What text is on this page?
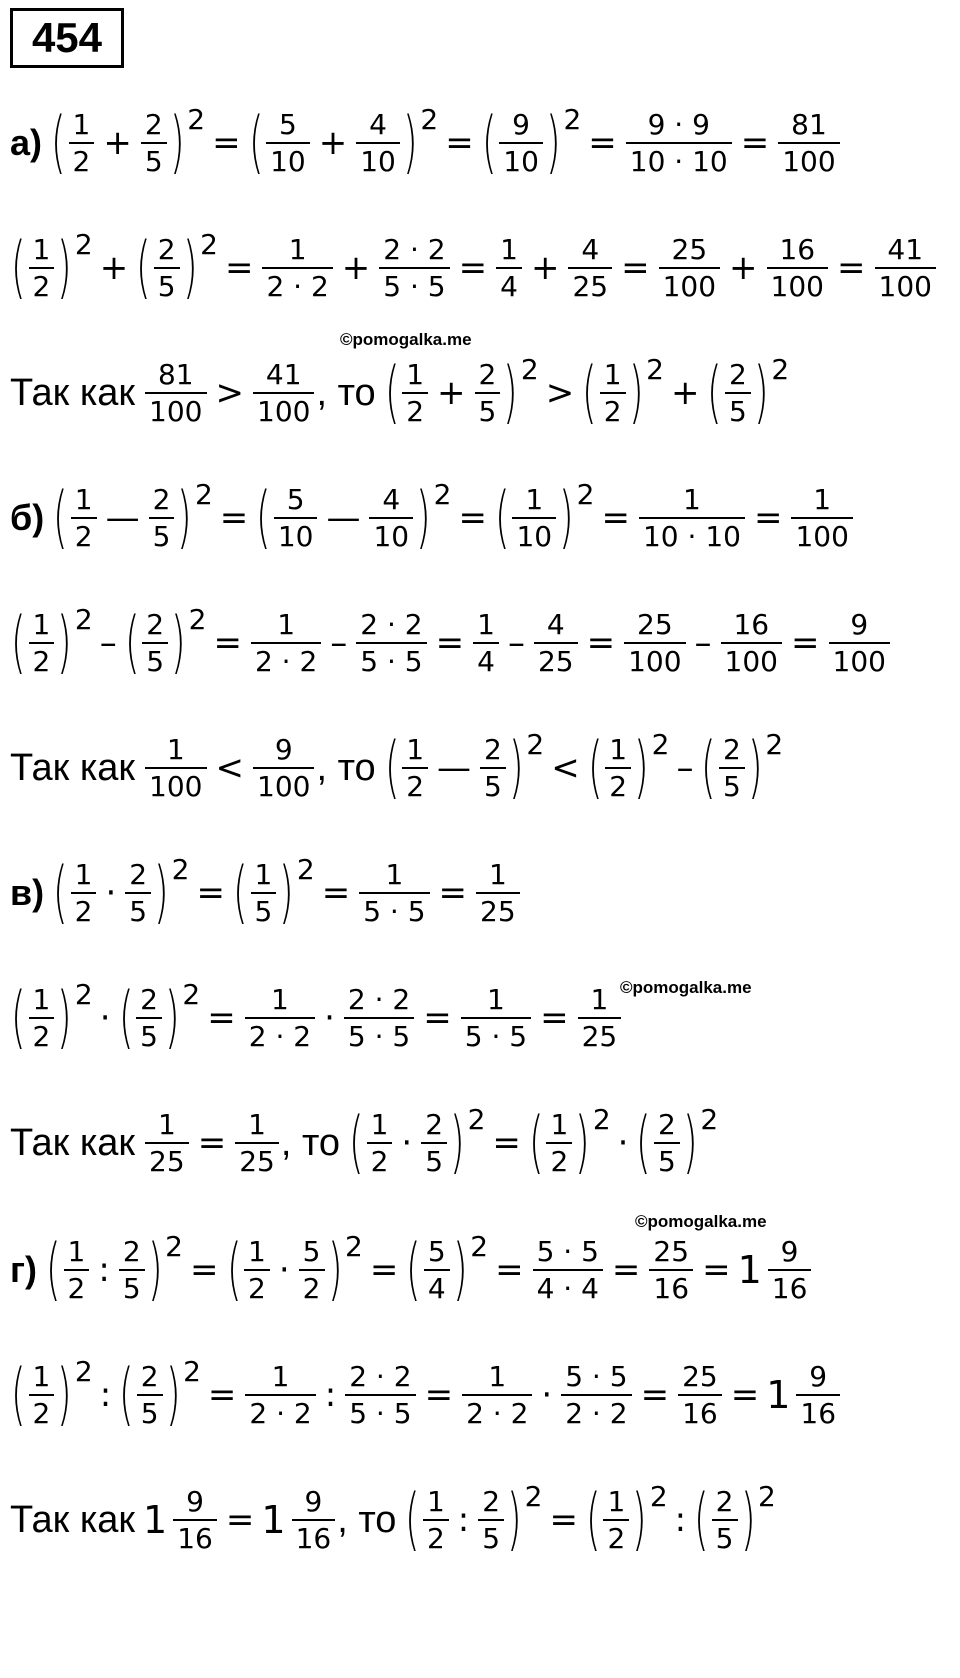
454
а) ( $\frac{1}{2} + \frac{2}{5}$ ) 2
= ( $\frac{5}{10} + \frac{4}{10}$ ) 2
= ( $\frac{9}{10}$ ) 2
= $\frac{9 \cdot 9}{10 \cdot 10} = \frac{81}{100}$
( $\frac{1}{2}$ ) 2
+ ( $\frac{2}{5}$ ) 2
= $\frac{1}{2 \cdot 2} + \frac{2 \cdot 2}{5 \cdot 5} = \frac{1}{4} + \frac{4}{25} = \frac{25}{100} + \frac{16}{100} = \frac{41}{100}$
Так как $\frac{81}{100} > \frac{41}{100}$ , то ( $\frac{1}{2} + \frac{2}{5}$ ) 2
> ( $\frac{1}{2}$ ) 2
+ ( $\frac{2}{5}$ ) 2
б) ( $\frac{1}{2}$ — $\frac{2}{5}$ ) 2
= ( $\frac{5}{10}$ — $\frac{4}{10}$ ) 2
= ( $\frac{1}{10}$ ) 2
= $\frac{1}{10 \cdot 10} = \frac{1}{100}$
( $\frac{1}{2}$ ) 2
– ( $\frac{2}{5}$ ) 2
= $\frac{1}{2 \cdot 2} - \frac{2 \cdot 2}{5 \cdot 5} = \frac{1}{4} - \frac{4}{25} = \frac{25}{100} - \frac{16}{100} = \frac{9}{100}$
Так как $\frac{1}{100} < \frac{9}{100}$ , то ( $\frac{1}{2}$ — $\frac{2}{5}$ ) 2
< ( $\frac{1}{2}$ ) 2
– ( $\frac{2}{5}$ ) 2
в) ( $\frac{1}{2} \cdot \frac{2}{5}$ ) 2
= ( $\frac{1}{5}$ ) 2
= $\frac{1}{5 \cdot 5} = \frac{1}{25}$
( $\frac{1}{2}$ ) 2
· ( $\frac{2}{5}$ ) 2
= $\frac{1}{2 \cdot 2} \cdot \frac{2 \cdot 2}{5 \cdot 5} = \frac{1}{5 \cdot 5} = \frac{1}{25}$
Так как $\frac{1}{25} = \frac{1}{25}$ , то ( $\frac{1}{2} \cdot \frac{2}{5}$ ) 2
= ( $\frac{1}{2}$ ) 2
· ( $\frac{2}{5}$ ) 2
г) ( $\frac{1}{2}$ : $\frac{2}{5}$ ) 2
= ( $\frac{1}{2} \cdot \frac{5}{2}$ ) 2
= ( $\frac{5}{4}$ ) 2
= $\frac{5 \cdot 5}{4 \cdot 4} = \frac{25}{16} = 1 \frac{9}{16}$
( $\frac{1}{2}$ ) 2
: ( $\frac{2}{5}$ ) 2
= $\frac{1}{2 \cdot 2}$ : $\frac{2 \cdot 2}{5 \cdot 5} = \frac{1}{2 \cdot 2} \cdot \frac{5 \cdot 5}{2 \cdot 2} = \frac{25}{16} = 1 \frac{9}{16}$
Так как $1 \frac{9}{16} = 1 \frac{9}{16}$ , то ( $\frac{1}{2}$ : $\frac{2}{5}$ ) 2
= ( $\frac{1}{2}$ ) 2
: ( $\frac{2}{5}$ ) 2
©pomogalka.me
©pomogalka.me
©pomogalka.me
